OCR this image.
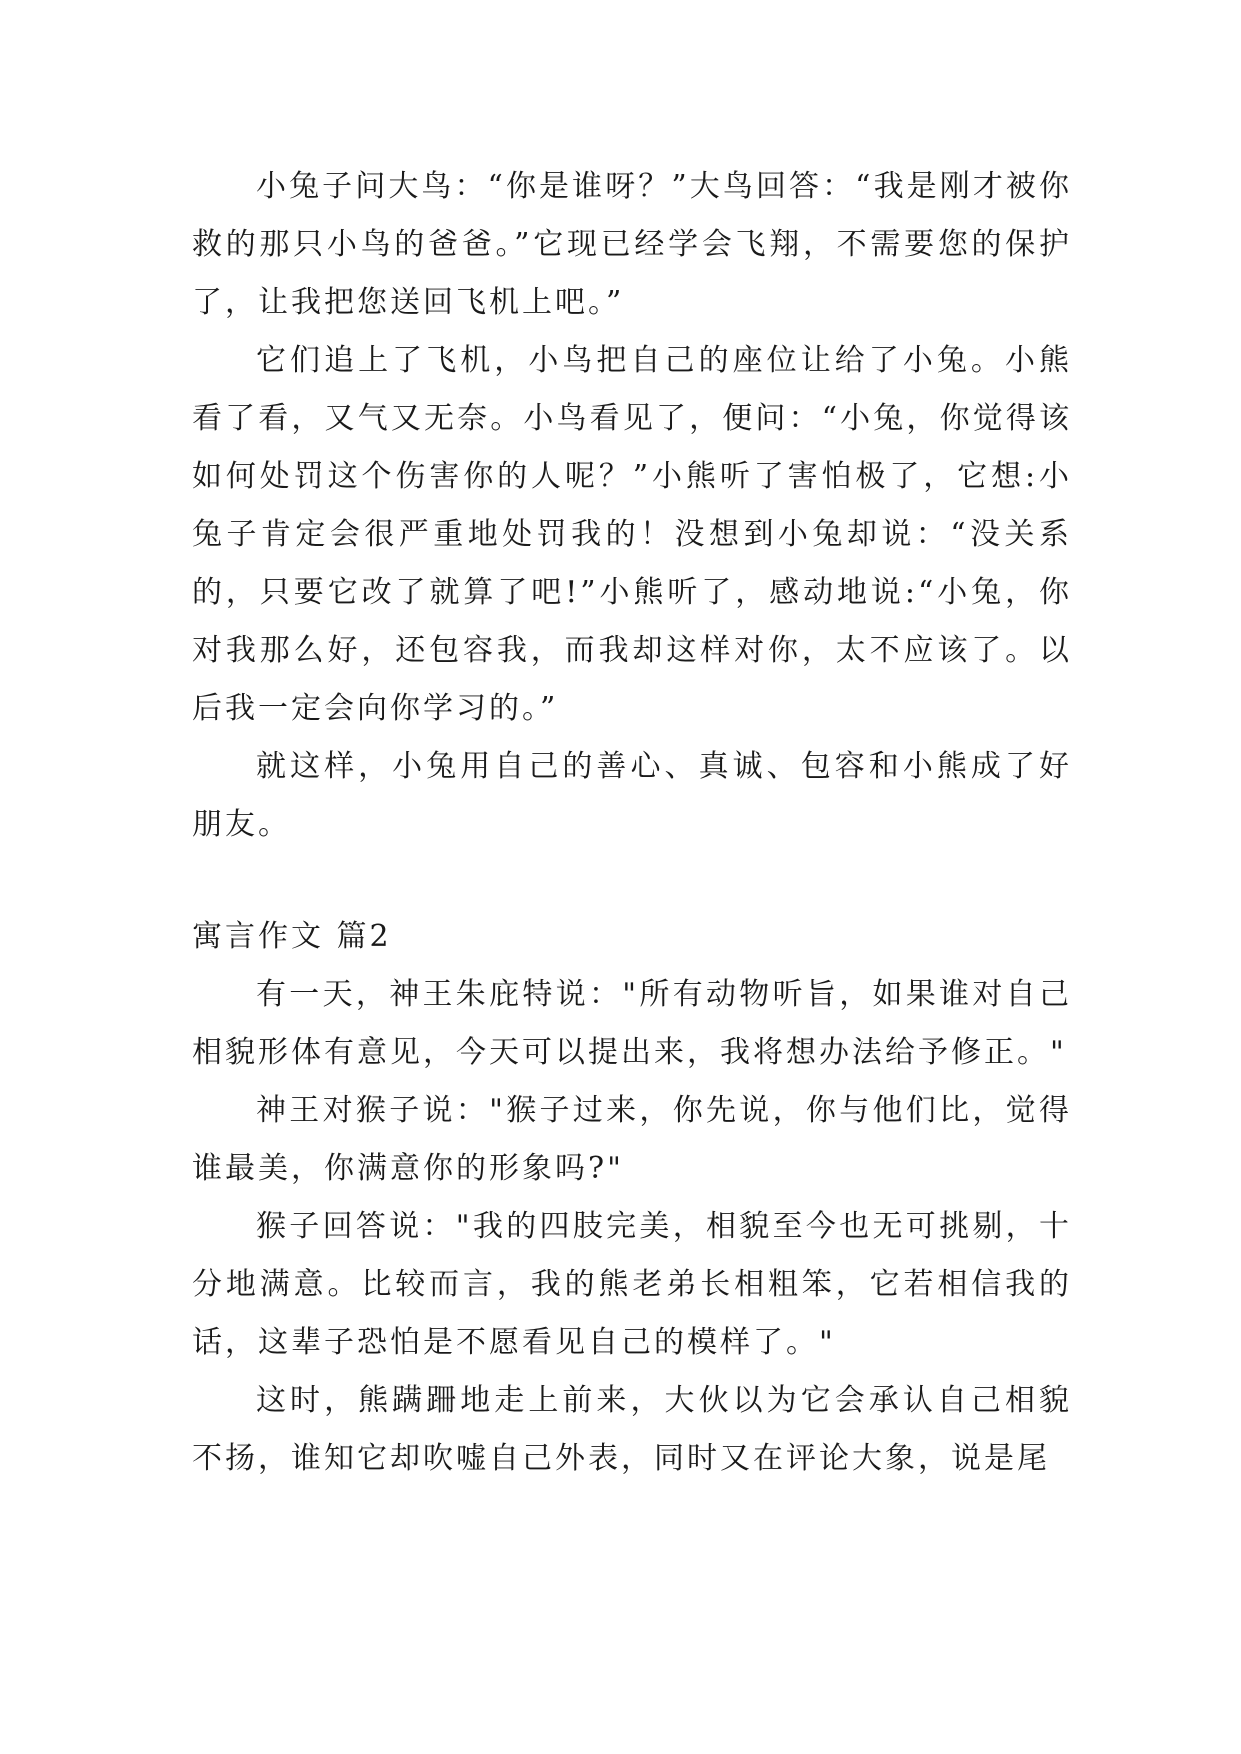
小兔子问大鸟：“你是谁呀？”大鸟回答：“我是刚才被你救的那只小鸟的爸爸。”它现已经学会飞翔，不需要您的保护了，让我把您送回飞机上吧。”

它们追上了飞机，小鸟把自己的座位让给了小兔。小熊看了看，又气又无奈。小鸟看见了，便问：“小兔，你觉得该如何处罚这个伤害你的人呢？”小熊听了害怕极了，它想:小兔子肯定会很严重地处罚我的！没想到小兔却说：“没关系的，只要它改了就算了吧!”小熊听了，感动地说:“小兔，你对我那么好，还包容我，而我却这样对你，太不应该了。以后我一定会向你学习的。”

就这样，小兔用自己的善心、真诚、包容和小熊成了好朋友。

寓言作文 篇2

有一天，神王朱庇特说："所有动物听旨，如果谁对自己相貌形体有意见，今天可以提出来，我将想办法给予修正。"

神王对猴子说："猴子过来，你先说，你与他们比，觉得谁最美，你满意你的形象吗?"

猴子回答说："我的四肢完美，相貌至今也无可挑剔，十分地满意。比较而言，我的熊老弟长相粗笨，它若相信我的话，这辈子恐怕是不愿看见自己的模样了。"

这时，熊蹒跚地走上前来，大伙以为它会承认自己相貌不扬，谁知它却吹嘘自己外表，同时又在评论大象，说是尾
